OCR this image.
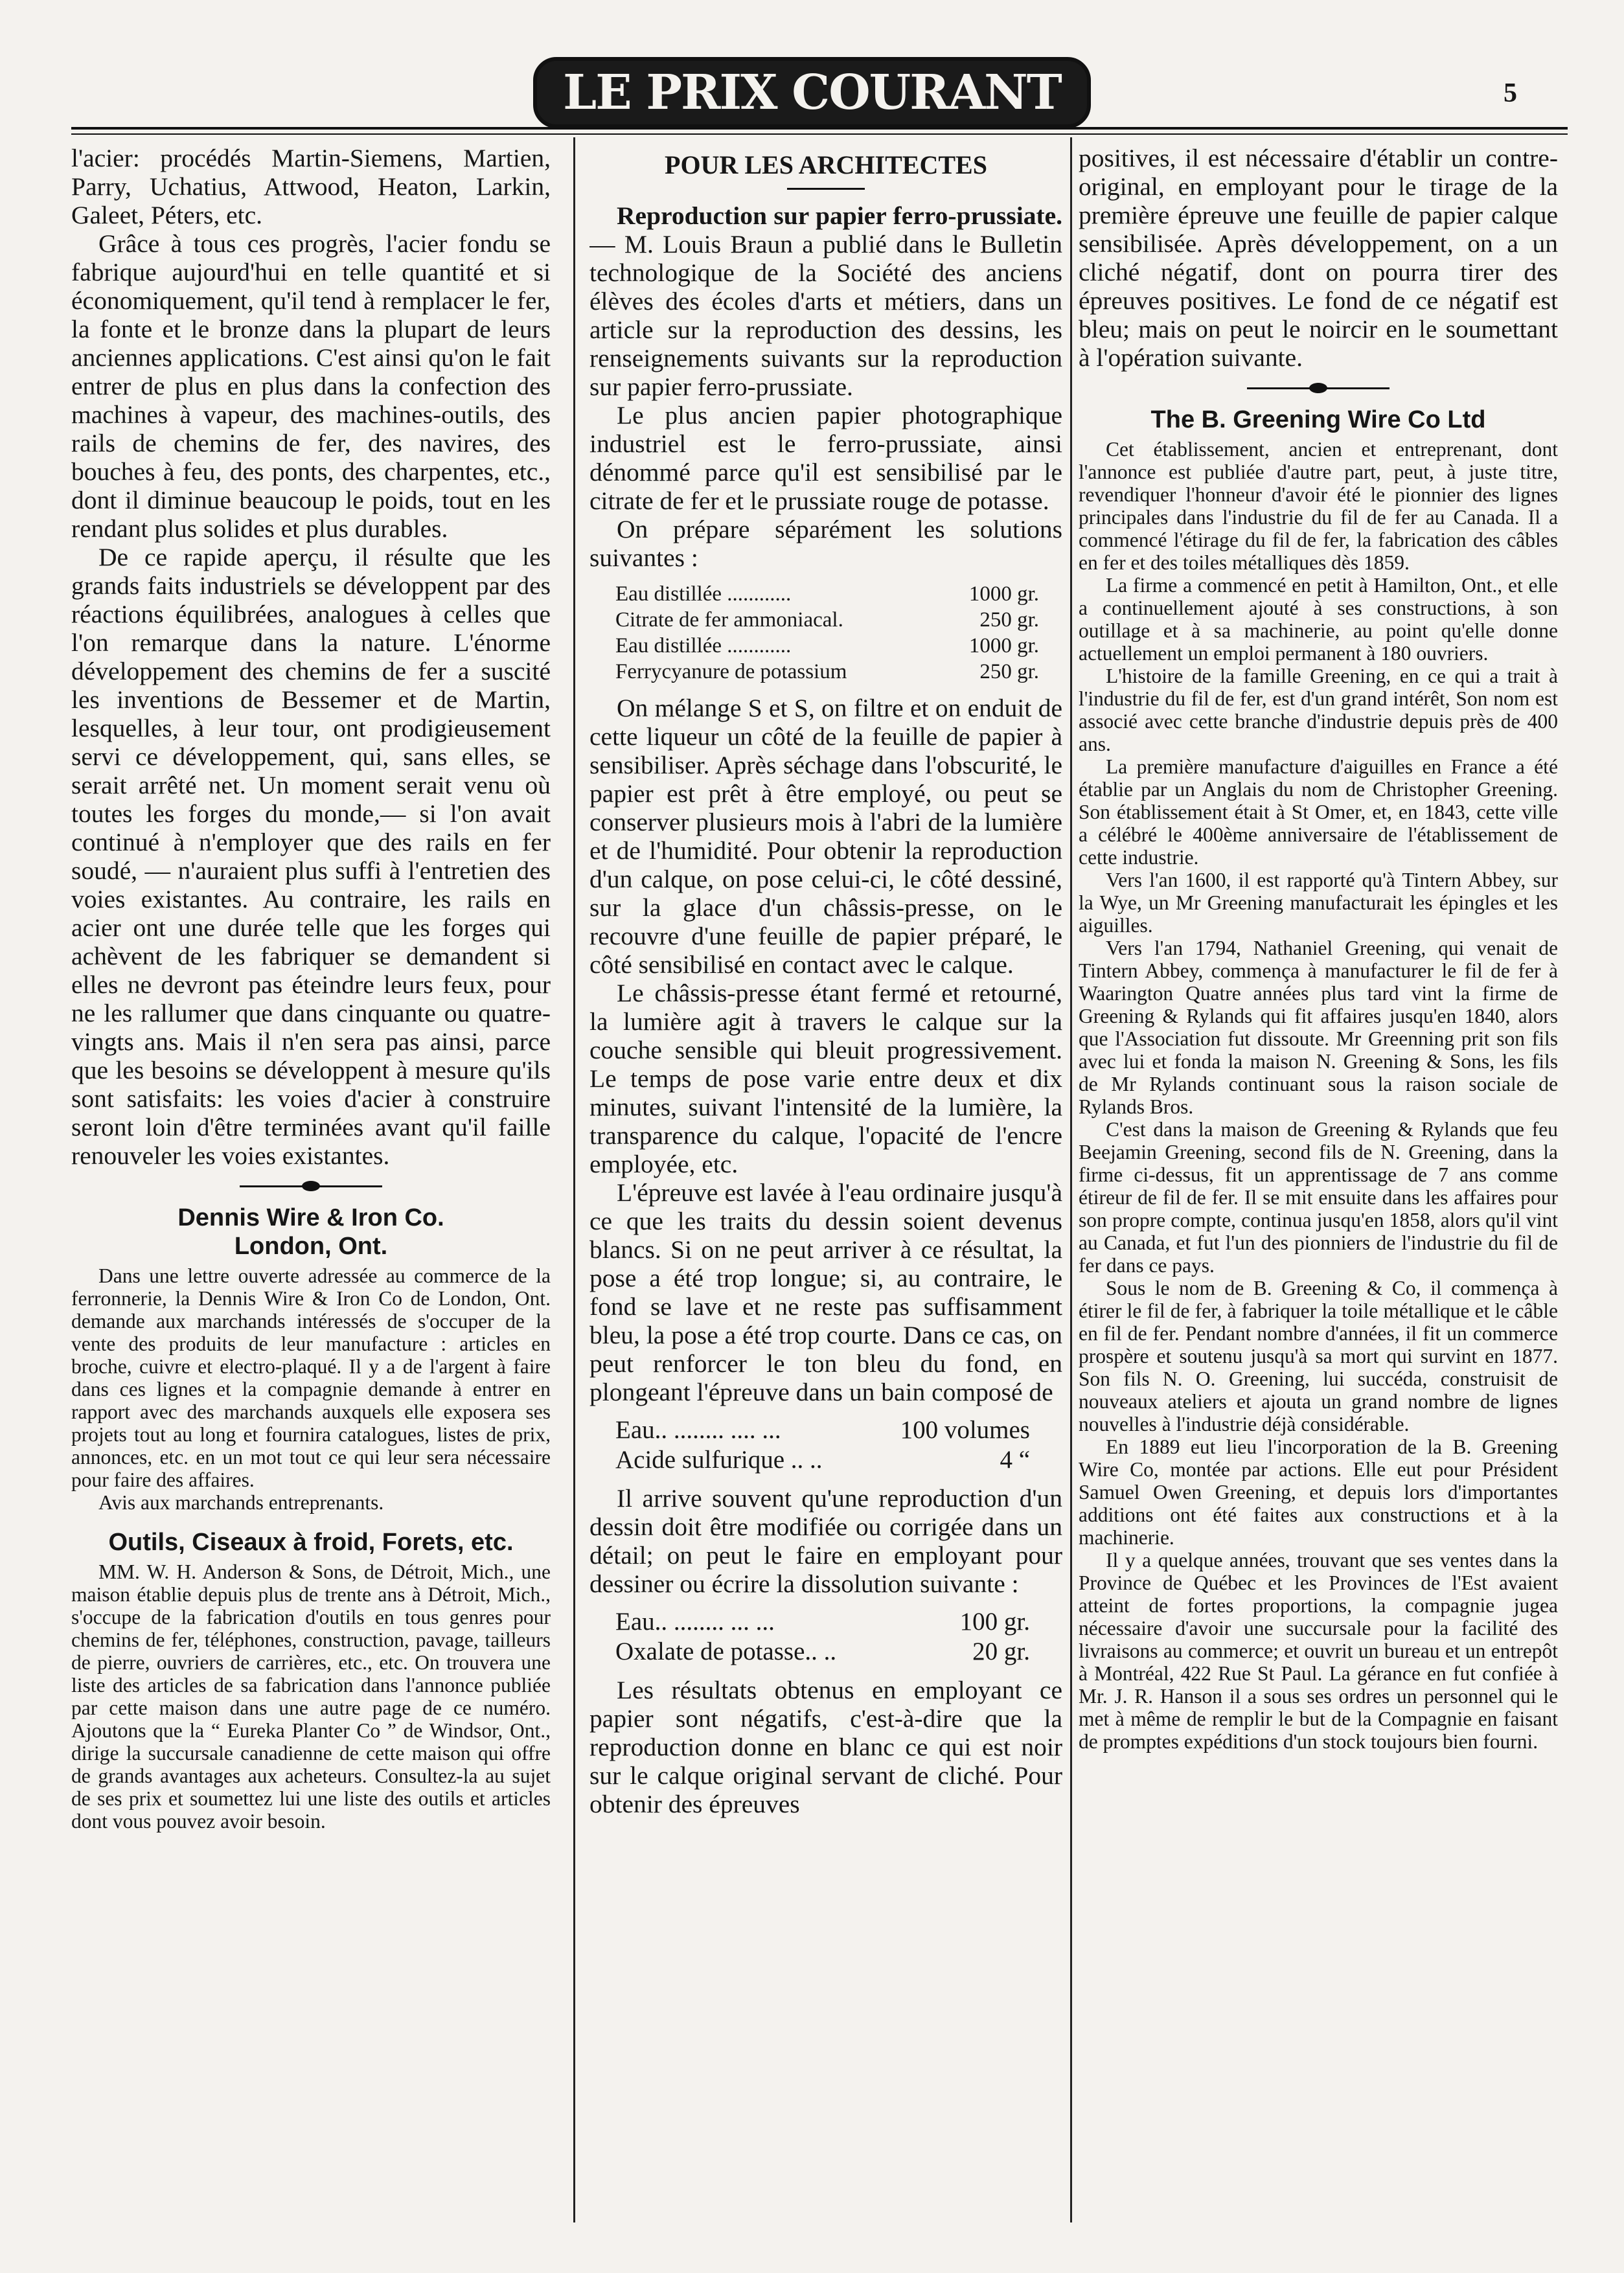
LE PRIX COURANT	5

l'acier: procédés Martin-Siemens, Martien, Parry, Uchatius, Attwood, Heaton, Larkin, Galeet, Péters, etc.

Grâce à tous ces progrès, l'acier fondu se fabrique aujourd'hui en telle quantité et si économiquement, qu'il tend à remplacer le fer, la fonte et le bronze dans la plupart de leurs anciennes applications. C'est ainsi qu'on le fait entrer de plus en plus dans la confection des machines à vapeur, des machines-outils, des rails de chemins de fer, des navires, des bouches à feu, des ponts, des charpentes, etc., dont il diminue beaucoup le poids, tout en les rendant plus solides et plus durables.

De ce rapide aperçu, il résulte que les grands faits industriels se développent par des réactions équilibrées, analogues à celles que l'on remarque dans la nature. L'énorme développement des chemins de fer a suscité les inventions de Bessemer et de Martin, lesquelles, à leur tour, ont prodigieusement servi ce développement, qui, sans elles, se serait arrêté net. Un moment serait venu où toutes les forges du monde,— si l'on avait continué à n'employer que des rails en fer soudé, — n'auraient plus suffi à l'entretien des voies existantes. Au contraire, les rails en acier ont une durée telle que les forges qui achèvent de les fabriquer se demandent si elles ne devront pas éteindre leurs feux, pour ne les rallumer que dans cinquante ou quatre-vingts ans. Mais il n'en sera pas ainsi, parce que les besoins se développent à mesure qu'ils sont satisfaits: les voies d'acier à construire seront loin d'être terminées avant qu'il faille renouveler les voies existantes.

Dennis Wire & Iron Co.
London, Ont.

Dans une lettre ouverte adressée au commerce de la ferronnerie, la Dennis Wire & Iron Co de London, Ont. demande aux marchands intéressés de s'occuper de la vente des produits de leur manufacture : articles en broche, cuivre et electro-plaqué. Il y a de l'argent à faire dans ces lignes et la compagnie demande à entrer en rapport avec des marchands auxquels elle exposera ses projets tout au long et fournira catalogues, listes de prix, annonces, etc. en un mot tout ce qui leur sera nécessaire pour faire des affaires.

Avis aux marchands entreprenants.

Outils, Ciseaux à froid, Forets, etc.

MM. W. H. Anderson & Sons, de Détroit, Mich., une maison établie depuis plus de trente ans à Détroit, Mich., s'occupe de la fabrication d'outils en tous genres pour chemins de fer, téléphones, construction, pavage, tailleurs de pierre, ouvriers de carrières, etc., etc. On trouvera une liste des articles de sa fabrication dans l'annonce publiée par cette maison dans une autre page de ce numéro. Ajoutons que la “ Eureka Planter Co ” de Windsor, Ont., dirige la succursale canadienne de cette maison qui offre de grands avantages aux acheteurs. Consultez-la au sujet de ses prix et soumettez lui une liste des outils et articles dont vous pouvez avoir besoin.

POUR LES ARCHITECTES

Reproduction sur papier ferro-prussiate. — M. Louis Braun a publié dans le Bulletin technologique de la Société des anciens élèves des écoles d'arts et métiers, dans un article sur la reproduction des dessins, les renseignements suivants sur la reproduction sur papier ferro-prussiate.

Le plus ancien papier photographique industriel est le ferro-prussiate, ainsi dénommé parce qu'il est sensibilisé par le citrate de fer et le prussiate rouge de potasse.

On prépare séparément les solutions suivantes :

Eau distillée ............	1000 gr.
Citrate de fer ammoniacal.	250 gr.
Eau distillée ............	1000 gr.
Ferrycyanure de potassium	250 gr.

On mélange S et S, on filtre et on enduit de cette liqueur un côté de la feuille de papier à sensibiliser. Après séchage dans l'obscurité, le papier est prêt à être employé, ou peut se conserver plusieurs mois à l'abri de la lumière et de l'humidité. Pour obtenir la reproduction d'un calque, on pose celui-ci, le côté dessiné, sur la glace d'un châssis-presse, on le recouvre d'une feuille de papier préparé, le côté sensibilisé en contact avec le calque.

Le châssis-presse étant fermé et retourné, la lumière agit à travers le calque sur la couche sensible qui bleuit progressivement. Le temps de pose varie entre deux et dix minutes, suivant l'intensité de la lumière, la transparence du calque, l'opacité de l'encre employée, etc.

L'épreuve est lavée à l'eau ordinaire jusqu'à ce que les traits du dessin soient devenus blancs. Si on ne peut arriver à ce résultat, la pose a été trop longue; si, au contraire, le fond se lave et ne reste pas suffisamment bleu, la pose a été trop courte. Dans ce cas, on peut renforcer le ton bleu du fond, en plongeant l'épreuve dans un bain composé de

Eau.. ........ .... ...	100 volumes
Acide sulfurique .. ..	4 “

Il arrive souvent qu'une reproduction d'un dessin doit être modifiée ou corrigée dans un détail; on peut le faire en employant pour dessiner ou écrire la dissolution suivante :

Eau.. ........ ... ...	100 gr.
Oxalate de potasse.. ..	20 gr.

Les résultats obtenus en employant ce papier sont négatifs, c'est-à-dire que la reproduction donne en blanc ce qui est noir sur le calque original servant de cliché. Pour obtenir des épreuves

positives, il est nécessaire d'établir un contre-original, en employant pour le tirage de la première épreuve une feuille de papier calque sensibilisée. Après développement, on a un cliché négatif, dont on pourra tirer des épreuves positives. Le fond de ce négatif est bleu; mais on peut le noircir en le soumettant à l'opération suivante.

The B. Greening Wire Co Ltd

Cet établissement, ancien et entreprenant, dont l'annonce est publiée d'autre part, peut, à juste titre, revendiquer l'honneur d'avoir été le pionnier des lignes principales dans l'industrie du fil de fer au Canada. Il a commencé l'étirage du fil de fer, la fabrication des câbles en fer et des toiles métalliques dès 1859.

La firme a commencé en petit à Hamilton, Ont., et elle a continuellement ajouté à ses constructions, à son outillage et à sa machinerie, au point qu'elle donne actuellement un emploi permanent à 180 ouvriers.

L'histoire de la famille Greening, en ce qui a trait à l'industrie du fil de fer, est d'un grand intérêt, Son nom est associé avec cette branche d'industrie depuis près de 400 ans.

La première manufacture d'aiguilles en France a été établie par un Anglais du nom de Christopher Greening. Son établissement était à St Omer, et, en 1843, cette ville a célébré le 400ème anniversaire de l'établissement de cette industrie.

Vers l'an 1600, il est rapporté qu'à Tintern Abbey, sur la Wye, un Mr Greening manufacturait les épingles et les aiguilles.

Vers l'an 1794, Nathaniel Greening, qui venait de Tintern Abbey, commença à manufacturer le fil de fer à Waarington Quatre années plus tard vint la firme de Greening & Rylands qui fit affaires jusqu'en 1840, alors que l'Association fut dissoute. Mr Greenning prit son fils avec lui et fonda la maison N. Greening & Sons, les fils de Mr Rylands continuant sous la raison sociale de Rylands Bros.

C'est dans la maison de Greening & Rylands que feu Beejamin Greening, second fils de N. Greening, dans la firme ci-dessus, fit un apprentissage de 7 ans comme étireur de fil de fer. Il se mit ensuite dans les affaires pour son propre compte, continua jusqu'en 1858, alors qu'il vint au Canada, et fut l'un des pionniers de l'industrie du fil de fer dans ce pays.

Sous le nom de B. Greening & Co, il commença à étirer le fil de fer, à fabriquer la toile métallique et le câble en fil de fer. Pendant nombre d'années, il fit un commerce prospère et soutenu jusqu'à sa mort qui survint en 1877. Son fils N. O. Greening, lui succéda, construisit de nouveaux ateliers et ajouta un grand nombre de lignes nouvelles à l'industrie déjà considérable.

En 1889 eut lieu l'incorporation de la B. Greening Wire Co, montée par actions. Elle eut pour Président Samuel Owen Greening, et depuis lors d'importantes additions ont été faites aux constructions et à la machinerie.

Il y a quelque années, trouvant que ses ventes dans la Province de Québec et les Provinces de l'Est avaient atteint de fortes proportions, la compagnie jugea nécessaire d'avoir une succursale pour la facilité des livraisons au commerce; et ouvrit un bureau et un entrepôt à Montréal, 422 Rue St Paul. La gérance en fut confiée à Mr. J. R. Hanson il a sous ses ordres un personnel qui le met à même de remplir le but de la Compagnie en faisant de promptes expéditions d'un stock toujours bien fourni.
